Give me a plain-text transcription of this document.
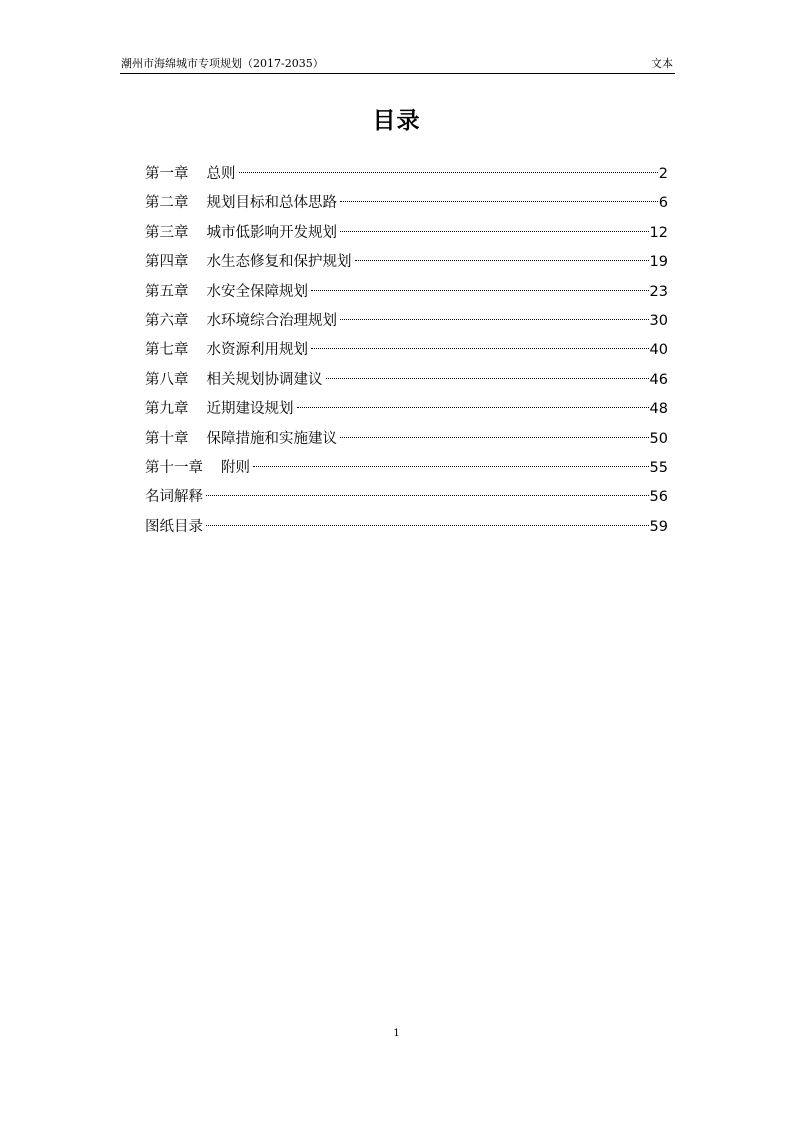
潮州市海绵城市专项规划（2017-2035）	文本
目录
第一章 总则	2
第二章 规划目标和总体思路	6
第三章 城市低影响开发规划	12
第四章 水生态修复和保护规划	19
第五章 水安全保障规划	23
第六章 水环境综合治理规划	30
第七章 水资源利用规划	40
第八章 相关规划协调建议	46
第九章 近期建设规划	48
第十章 保障措施和实施建议	50
第十一章 附则	55
名词解释	56
图纸目录	59
1
